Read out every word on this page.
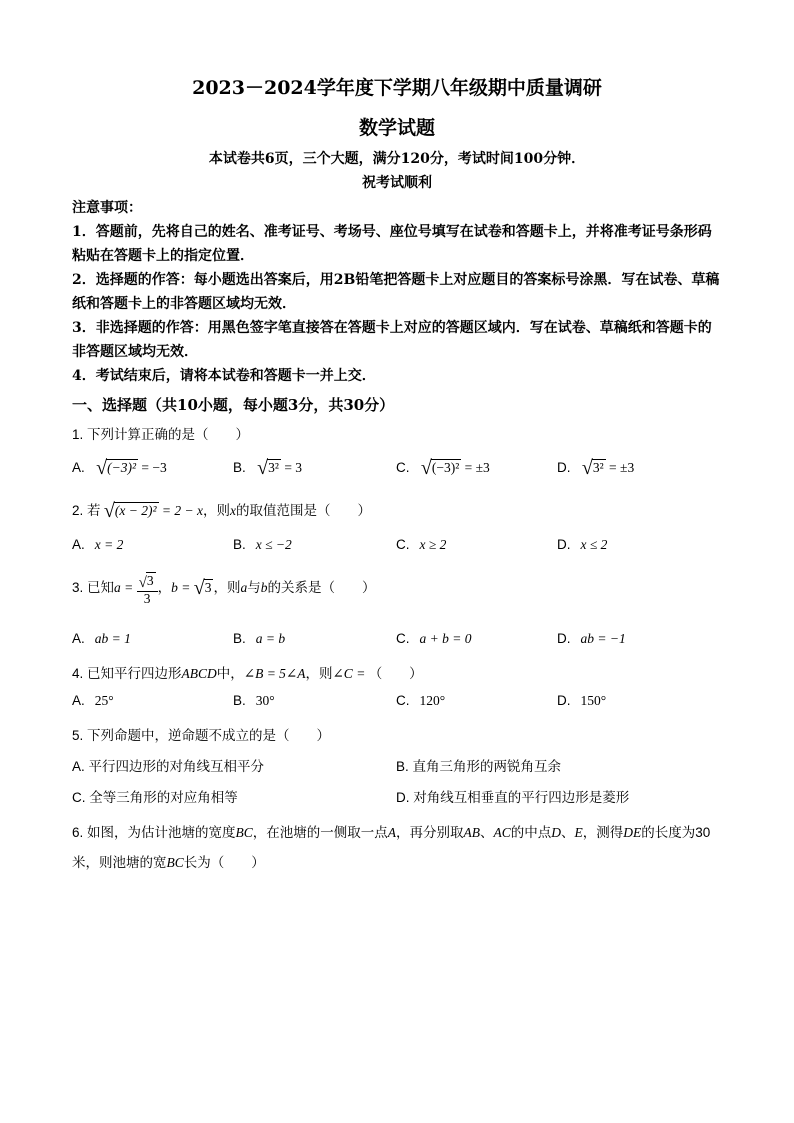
2023－2024学年度下学期八年级期中质量调研
数学试题
本试卷共6页，三个大题，满分120分，考试时间100分钟．
祝考试顺利

注意事项：

1．答题前，先将自己的姓名、准考证号、考场号、座位号填写在试卷和答题卡上，并将准考证号条形码粘贴在答题卡上的指定位置．

2．选择题的作答：每小题选出答案后，用2B铅笔把答题卡上对应题目的答案标号涂黑．写在试卷、草稿纸和答题卡上的非答题区域均无效．

3．非选择题的作答：用黑色签字笔直接答在答题卡上对应的答题区域内．写在试卷、草稿纸和答题卡的非答题区域均无效．

4．考试结束后，请将本试卷和答题卡一并上交．

一、选择题（共10小题，每小题3分，共30分）
1. 下列计算正确的是（　　）
A. √(−3)² = −3	B. √3² = 3	C. √(−3)² = ±3	D. √3² = ±3
2. 若 √(x − 2)² = 2 − x，则x的取值范围是（　　）
A. x = 2	B. x ≤ −2	C. x ≥ 2	D. x ≤ 2
3. 已知$a = \frac{√3}{3}$ ，b = √3 ，则a与b的关系是（　　）
A. ab = 1	B. a = b	C. a + b = 0	D. ab = −1
4. 已知平行四边形ABCD中，∠B = 5∠A，则∠C = （　　）
A. 25°	B. 30°	C. 120°	D. 150°
5. 下列命题中，逆命题不成立的是（　　）
A. 平行四边形的对角线互相平分	B. 直角三角形的两锐角互余
C. 全等三角形的对应角相等	D. 对角线互相垂直的平行四边形是菱形
6. 如图，为估计池塘的宽度BC，在池塘的一侧取一点A，再分别取AB、AC的中点D、E，测得DE的长度为30米，则池塘的宽BC长为（　　）
